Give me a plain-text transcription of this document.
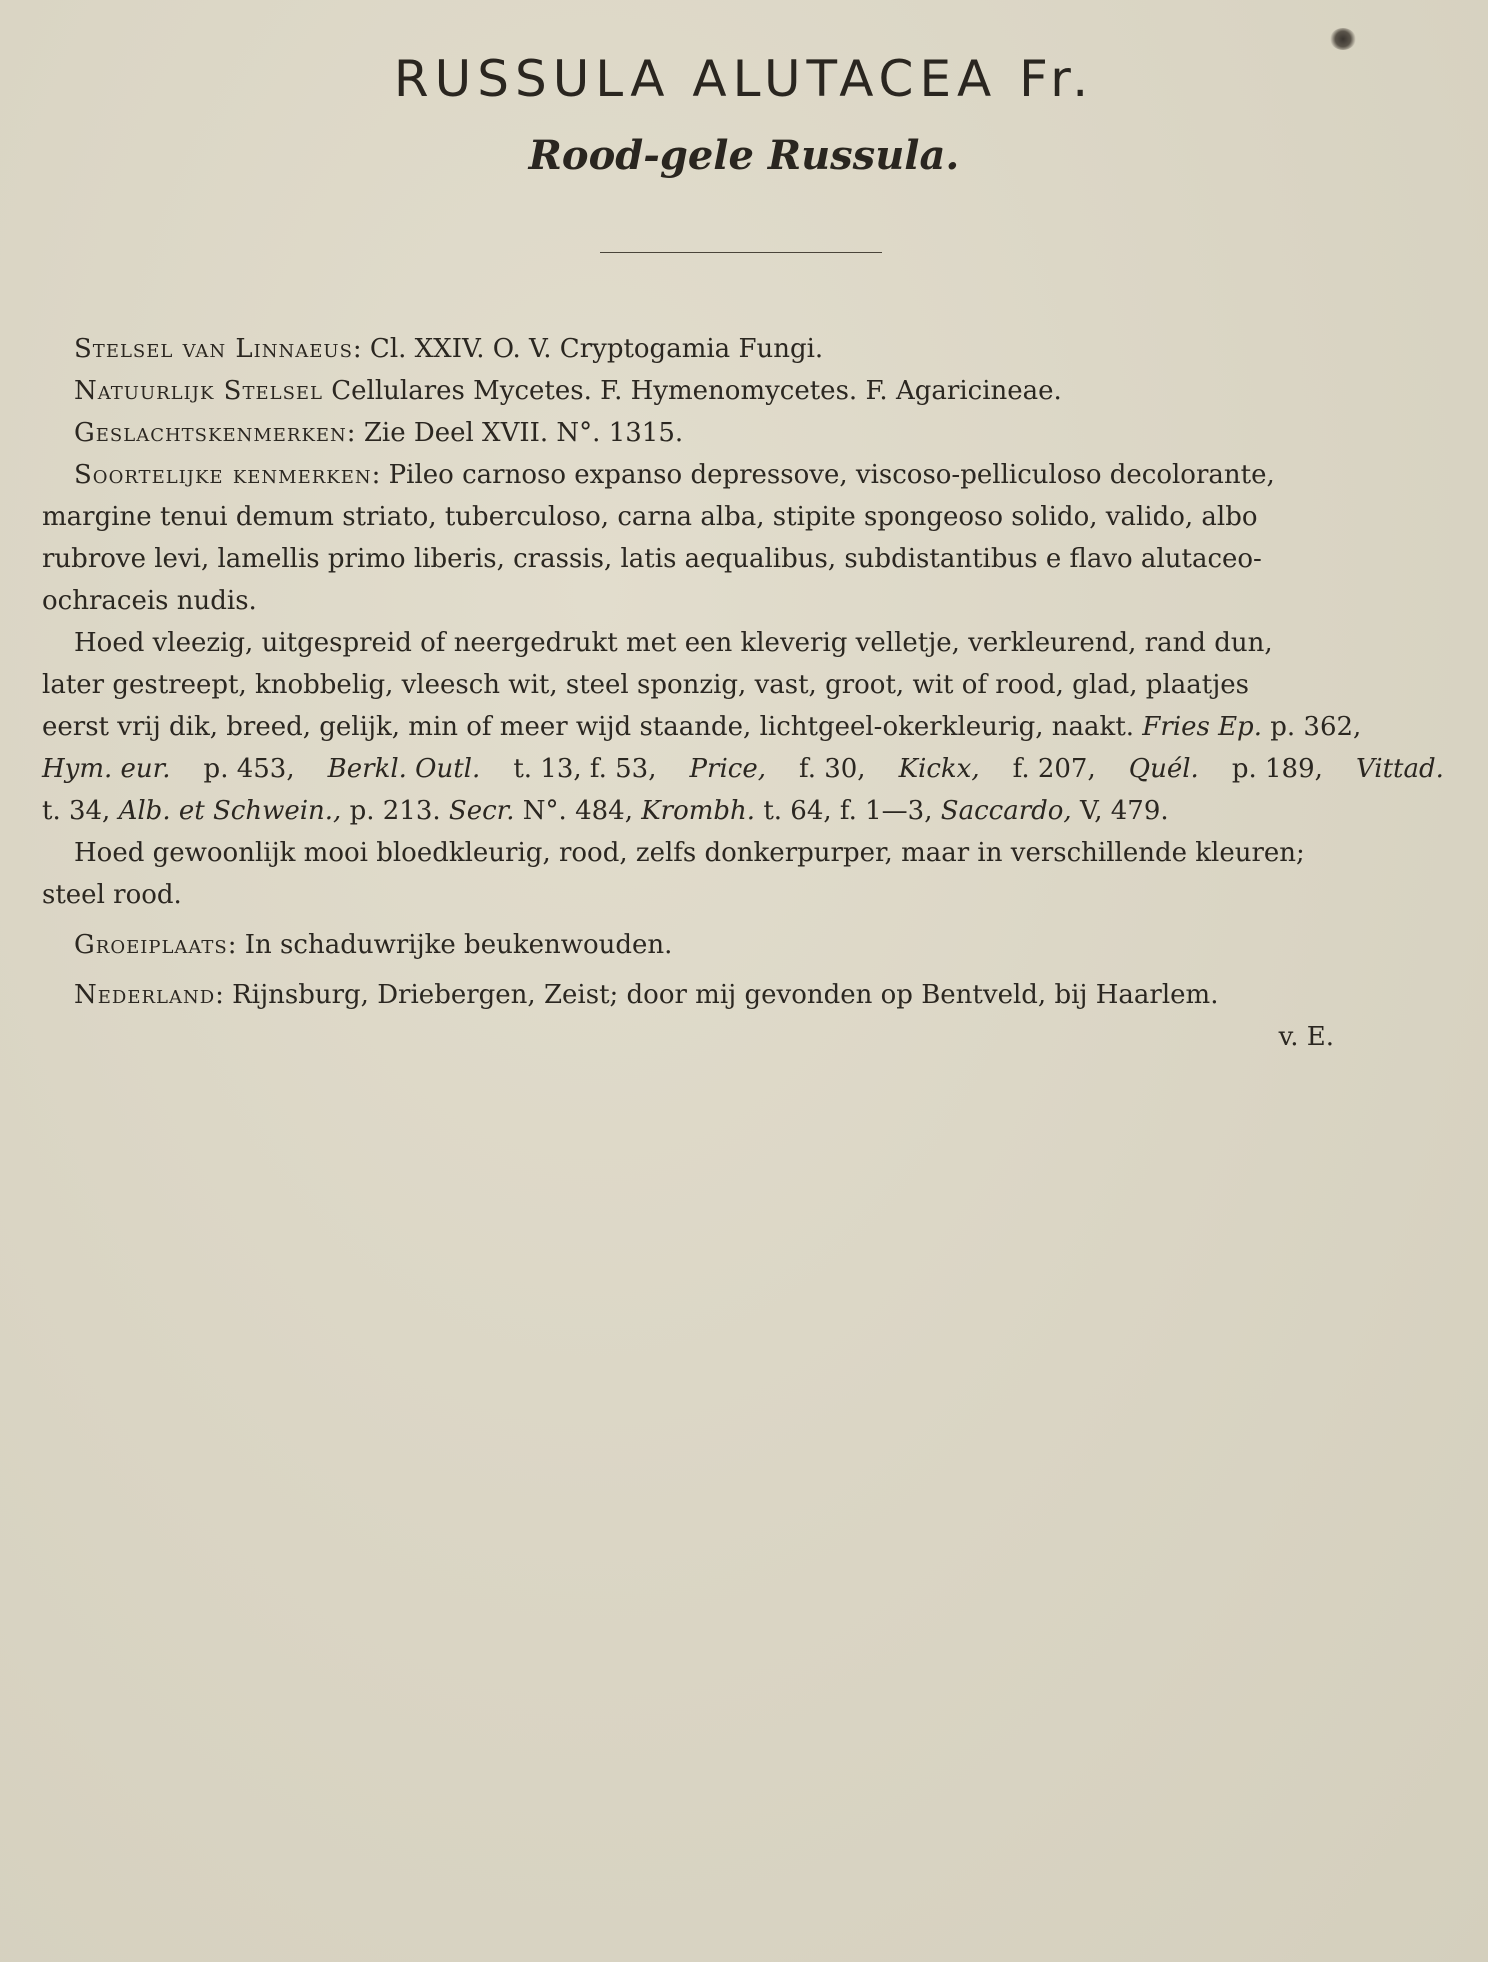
RUSSULA ALUTACEA Fr.
Rood-gele Russula.
Stelsel van Linnaeus: Cl. XXIV. O. V. Cryptogamia Fungi.
Natuurlijk Stelsel Cellulares Mycetes. F. Hymenomycetes. F. Agaricineae.
Geslachtskenmerken: Zie Deel XVII. N°. 1315.
Soortelijke kenmerken: Pileo carnoso expanso depressove, viscoso-pelliculoso decolorante,
margine tenui demum striato, tuberculoso, carna alba, stipite spongeoso solido, valido, albo
rubrove levi, lamellis primo liberis, crassis, latis aequalibus, subdistantibus e flavo alutaceo-
ochraceis nudis.
Hoed vleezig, uitgespreid of neergedrukt met een kleverig velletje, verkleurend, rand dun,
later gestreept, knobbelig, vleesch wit, steel sponzig, vast, groot, wit of rood, glad, plaatjes
eerst vrij dik, breed, gelijk, min of meer wijd staande, lichtgeel-okerkleurig, naakt. Fries Ep. p. 362,
Hym. eur. p. 453, Berkl. Outl. t. 13, f. 53, Price, f. 30, Kickx, f. 207, Quél. p. 189, Vittad.
t. 34, Alb. et Schwein., p. 213. Secr. N°. 484, Krombh. t. 64, f. 1—3, Saccardo, V, 479.
Hoed gewoonlijk mooi bloedkleurig, rood, zelfs donkerpurper, maar in verschillende kleuren;
steel rood.
Groeiplaats: In schaduwrijke beukenwouden.
Nederland: Rijnsburg, Driebergen, Zeist; door mij gevonden op Bentveld, bij Haarlem.
v. E.
